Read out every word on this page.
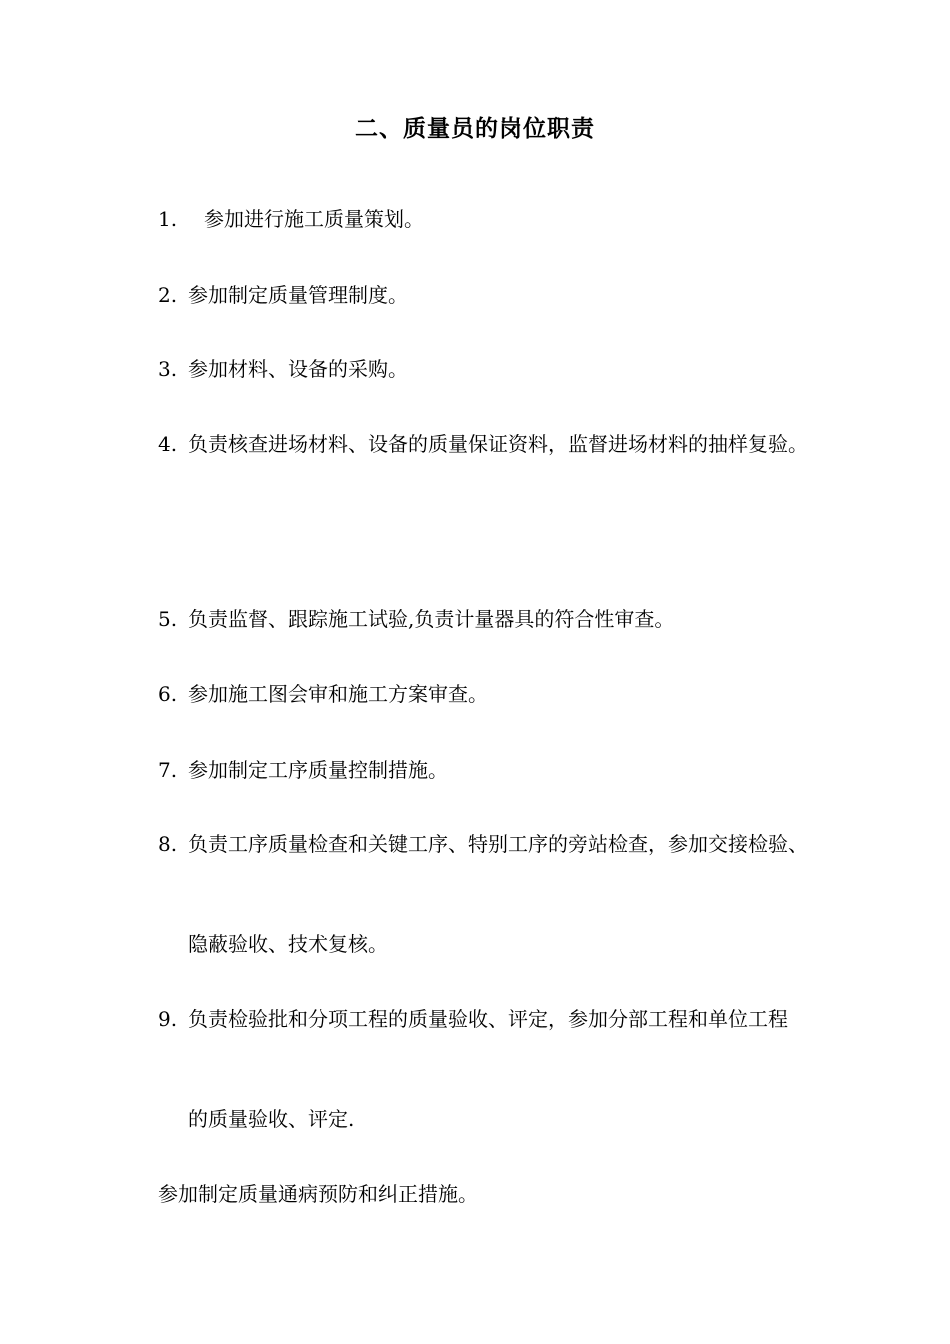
二、质量员的岗位职责
1. 参加进行施工质量策划。
2. 参加制定质量管理制度。
3. 参加材料、设备的采购。
4. 负责核查进场材料、设备的质量保证资料，监督进场材料的抽样复验。
5. 负责监督、跟踪施工试验,负责计量器具的符合性审查。
6. 参加施工图会审和施工方案审查。
7. 参加制定工序质量控制措施。
8. 负责工序质量检查和关键工序、特别工序的旁站检查，参加交接检验、
隐蔽验收、技术复核。
9. 负责检验批和分项工程的质量验收、评定，参加分部工程和单位工程
的质量验收、评定.
参加制定质量通病预防和纠正措施。
